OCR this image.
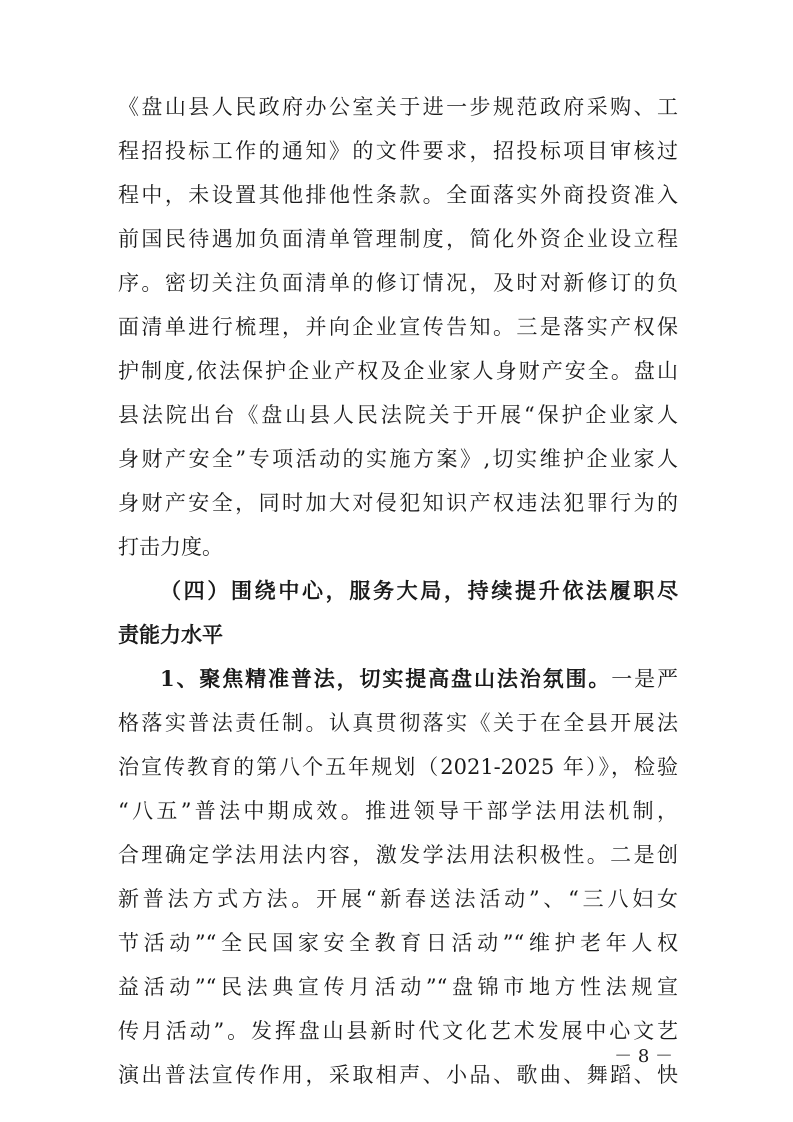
《盘山县人民政府办公室关于进一步规范政府采购、工
程招投标工作的通知》的文件要求，招投标项目审核过
程中，未设置其他排他性条款。全面落实外商投资准入
前国民待遇加负面清单管理制度，简化外资企业设立程
序。密切关注负面清单的修订情况，及时对新修订的负
面清单进行梳理，并向企业宣传告知。三是落实产权保
护制度,依法保护企业产权及企业家人身财产安全。盘山
县法院出台《盘山县人民法院关于开展“保护企业家人
身财产安全”专项活动的实施方案》,切实维护企业家人
身财产安全，同时加大对侵犯知识产权违法犯罪行为的
打击力度。
（四）围绕中心，服务大局，持续提升依法履职尽
责能力水平
1、聚焦精准普法，切实提高盘山法治氛围。一是严
格落实普法责任制。认真贯彻落实《关于在全县开展法
治宣传教育的第八个五年规划（2021-2025 年）》，检验
“八五”普法中期成效。推进领导干部学法用法机制，
合理确定学法用法内容，激发学法用法积极性。二是创
新普法方式方法。开展“新春送法活动”、“三八妇女
节活动”“全民国家安全教育日活动”“维护老年人权
益活动”“民法典宣传月活动”“盘锦市地方性法规宣
传月活动”。发挥盘山县新时代文化艺术发展中心文艺
演出普法宣传作用，采取相声、小品、歌曲、舞蹈、快
－ 8 －
